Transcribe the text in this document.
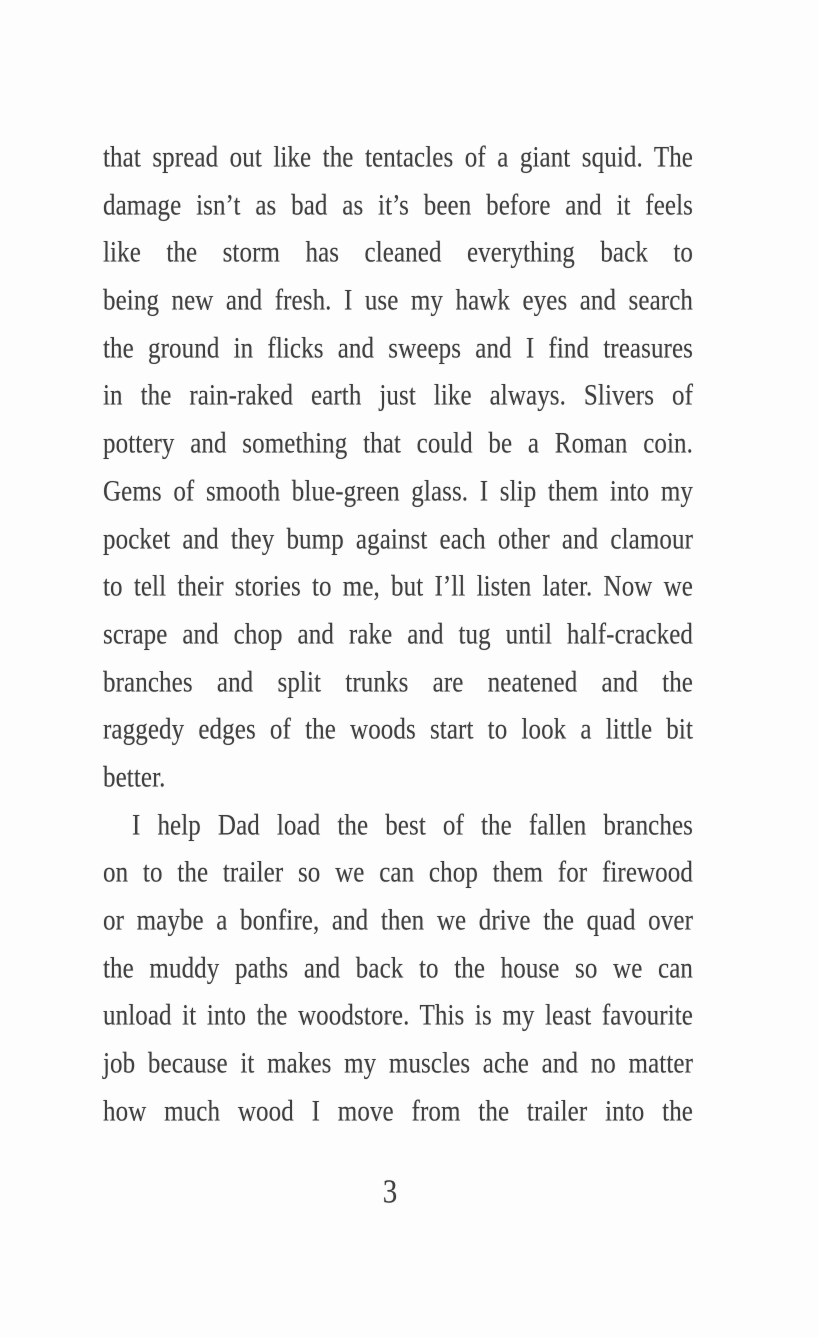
that spread out like the tentacles of a giant squid. The
damage isn’t as bad as it’s been before and it feels
like the storm has cleaned everything back to
being new and fresh. I use my hawk eyes and search
the ground in flicks and sweeps and I find treasures
in the rain-raked earth just like always. Slivers of
pottery and something that could be a Roman coin.
Gems of smooth blue-green glass. I slip them into my
pocket and they bump against each other and clamour
to tell their stories to me, but I’ll listen later. Now we
scrape and chop and rake and tug until half-cracked
branches and split trunks are neatened and the
raggedy edges of the woods start to look a little bit
better.
I help Dad load the best of the fallen branches
on to the trailer so we can chop them for firewood
or maybe a bonfire, and then we drive the quad over
the muddy paths and back to the house so we can
unload it into the woodstore. This is my least favourite
job because it makes my muscles ache and no matter
how much wood I move from the trailer into the
3
